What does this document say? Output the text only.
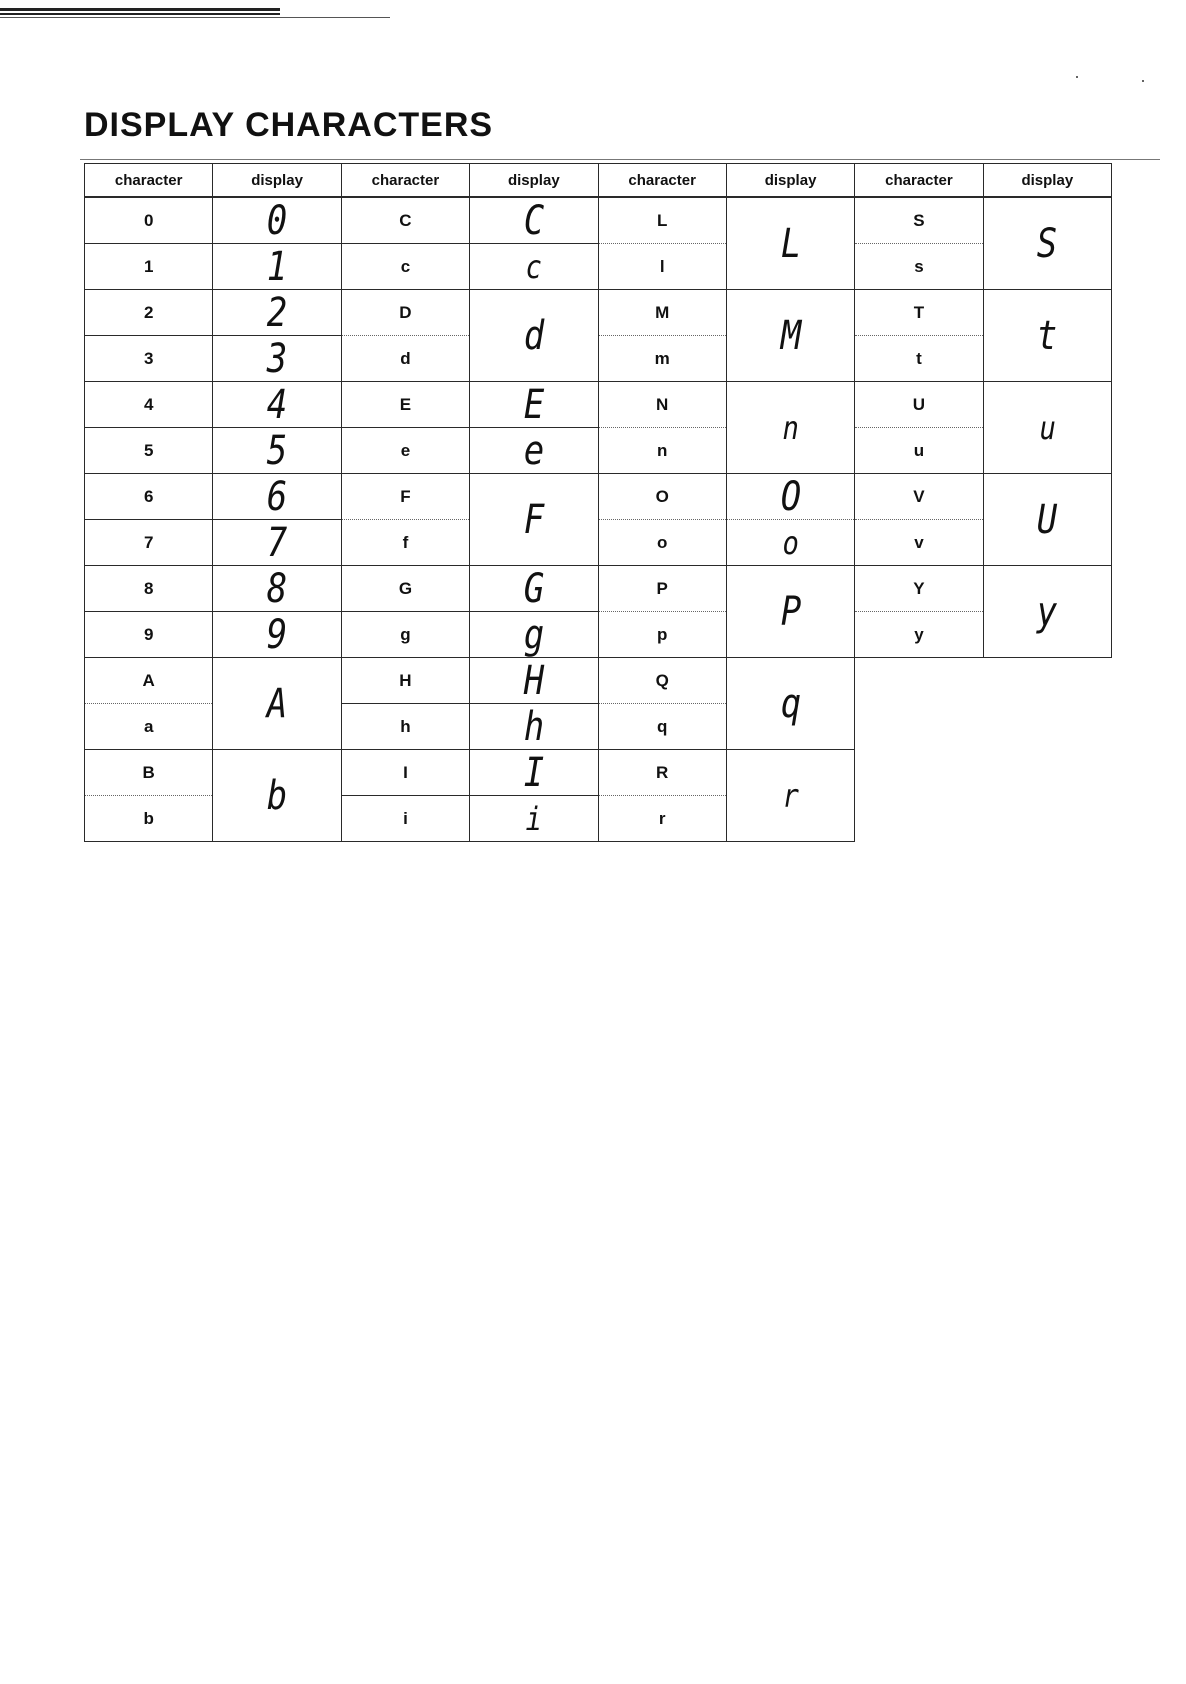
DISPLAY CHARACTERS
character	display	character	display	character	display	character	display
0	0	C	C	L	L	S	S
1	1	c	c	l		s	
2	2	D	d	M	M	T	t
3	3	d		m		t	
4	4	E	E	N	n	U	u
5	5	e	e	n		u	
6	6	F	F	O	O	V	U
7	7	f		o	o	v	
8	8	G	G	P	P	Y	y
9	9	g	g	p		y	
A	A	H	H	Q	q		
a		h	h	q			
B	b	I	I	R	r		
b		i	i	r			
